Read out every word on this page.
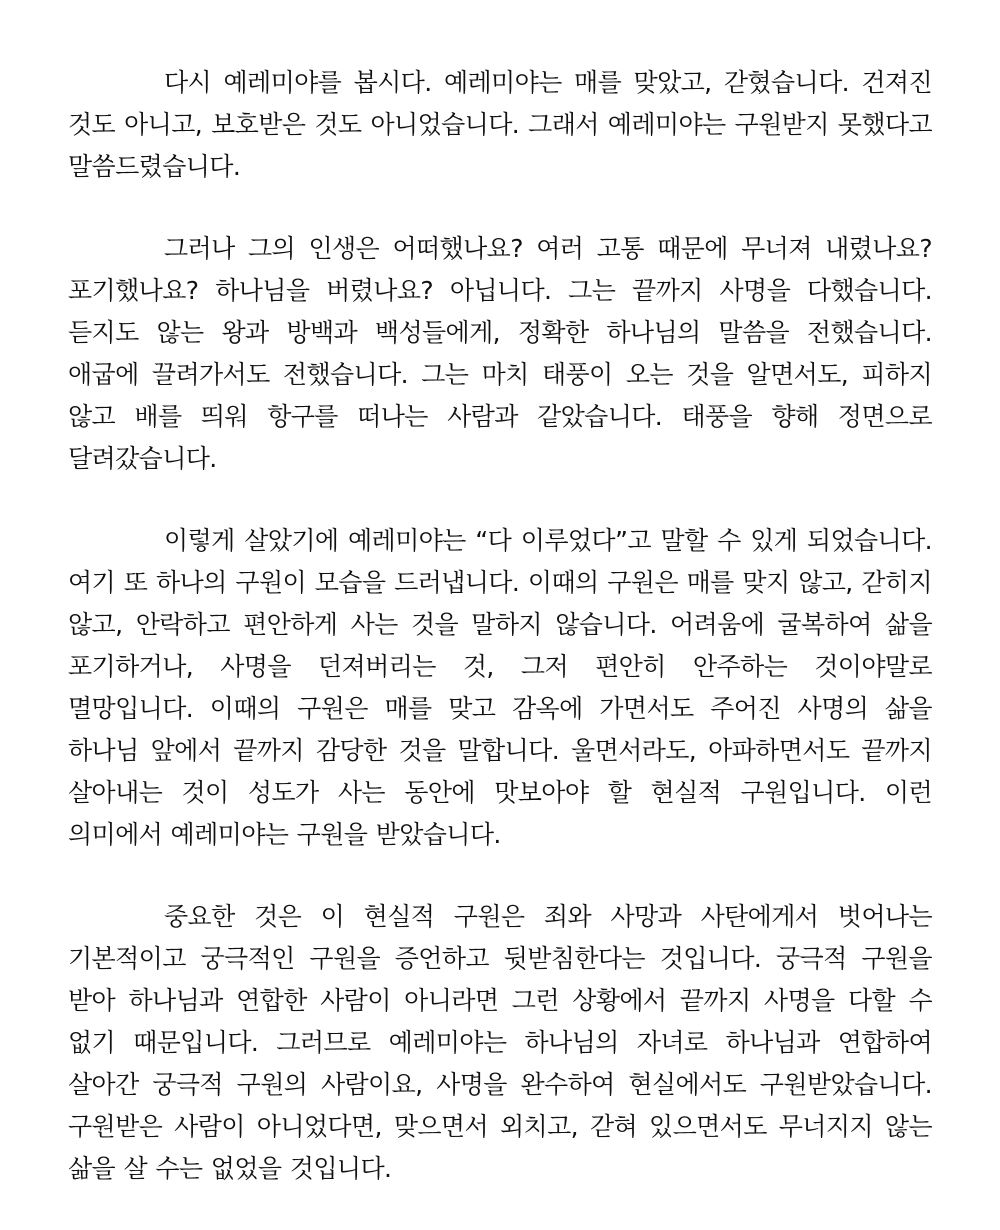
다시 예레미야를 봅시다. 예레미야는 매를 맞았고, 갇혔습니다. 건져진 것도 아니고, 보호받은 것도 아니었습니다. 그래서 예레미야는 구원받지 못했다고 말씀드렸습니다.

그러나 그의 인생은 어떠했나요? 여러 고통 때문에 무너져 내렸나요? 포기했나요? 하나님을 버렸나요? 아닙니다. 그는 끝까지 사명을 다했습니다. 듣지도 않는 왕과 방백과 백성들에게, 정확한 하나님의 말씀을 전했습니다. 애굽에 끌려가서도 전했습니다. 그는 마치 태풍이 오는 것을 알면서도, 피하지 않고 배를 띄워 항구를 떠나는 사람과 같았습니다. 태풍을 향해 정면으로 달려갔습니다.

이렇게 살았기에 예레미야는 “다 이루었다”고 말할 수 있게 되었습니다. 여기 또 하나의 구원이 모습을 드러냅니다. 이때의 구원은 매를 맞지 않고, 갇히지 않고, 안락하고 편안하게 사는 것을 말하지 않습니다. 어려움에 굴복하여 삶을 포기하거나, 사명을 던져버리는 것, 그저 편안히 안주하는 것이야말로 멸망입니다. 이때의 구원은 매를 맞고 감옥에 가면서도 주어진 사명의 삶을 하나님 앞에서 끝까지 감당한 것을 말합니다. 울면서라도, 아파하면서도 끝까지 살아내는 것이 성도가 사는 동안에 맛보아야 할 현실적 구원입니다. 이런 의미에서 예레미야는 구원을 받았습니다.

중요한 것은 이 현실적 구원은 죄와 사망과 사탄에게서 벗어나는 기본적이고 궁극적인 구원을 증언하고 뒷받침한다는 것입니다. 궁극적 구원을 받아 하나님과 연합한 사람이 아니라면 그런 상황에서 끝까지 사명을 다할 수 없기 때문입니다. 그러므로 예레미야는 하나님의 자녀로 하나님과 연합하여 살아간 궁극적 구원의 사람이요, 사명을 완수하여 현실에서도 구원받았습니다. 구원받은 사람이 아니었다면, 맞으면서 외치고, 갇혀 있으면서도 무너지지 않는 삶을 살 수는 없었을 것입니다.
